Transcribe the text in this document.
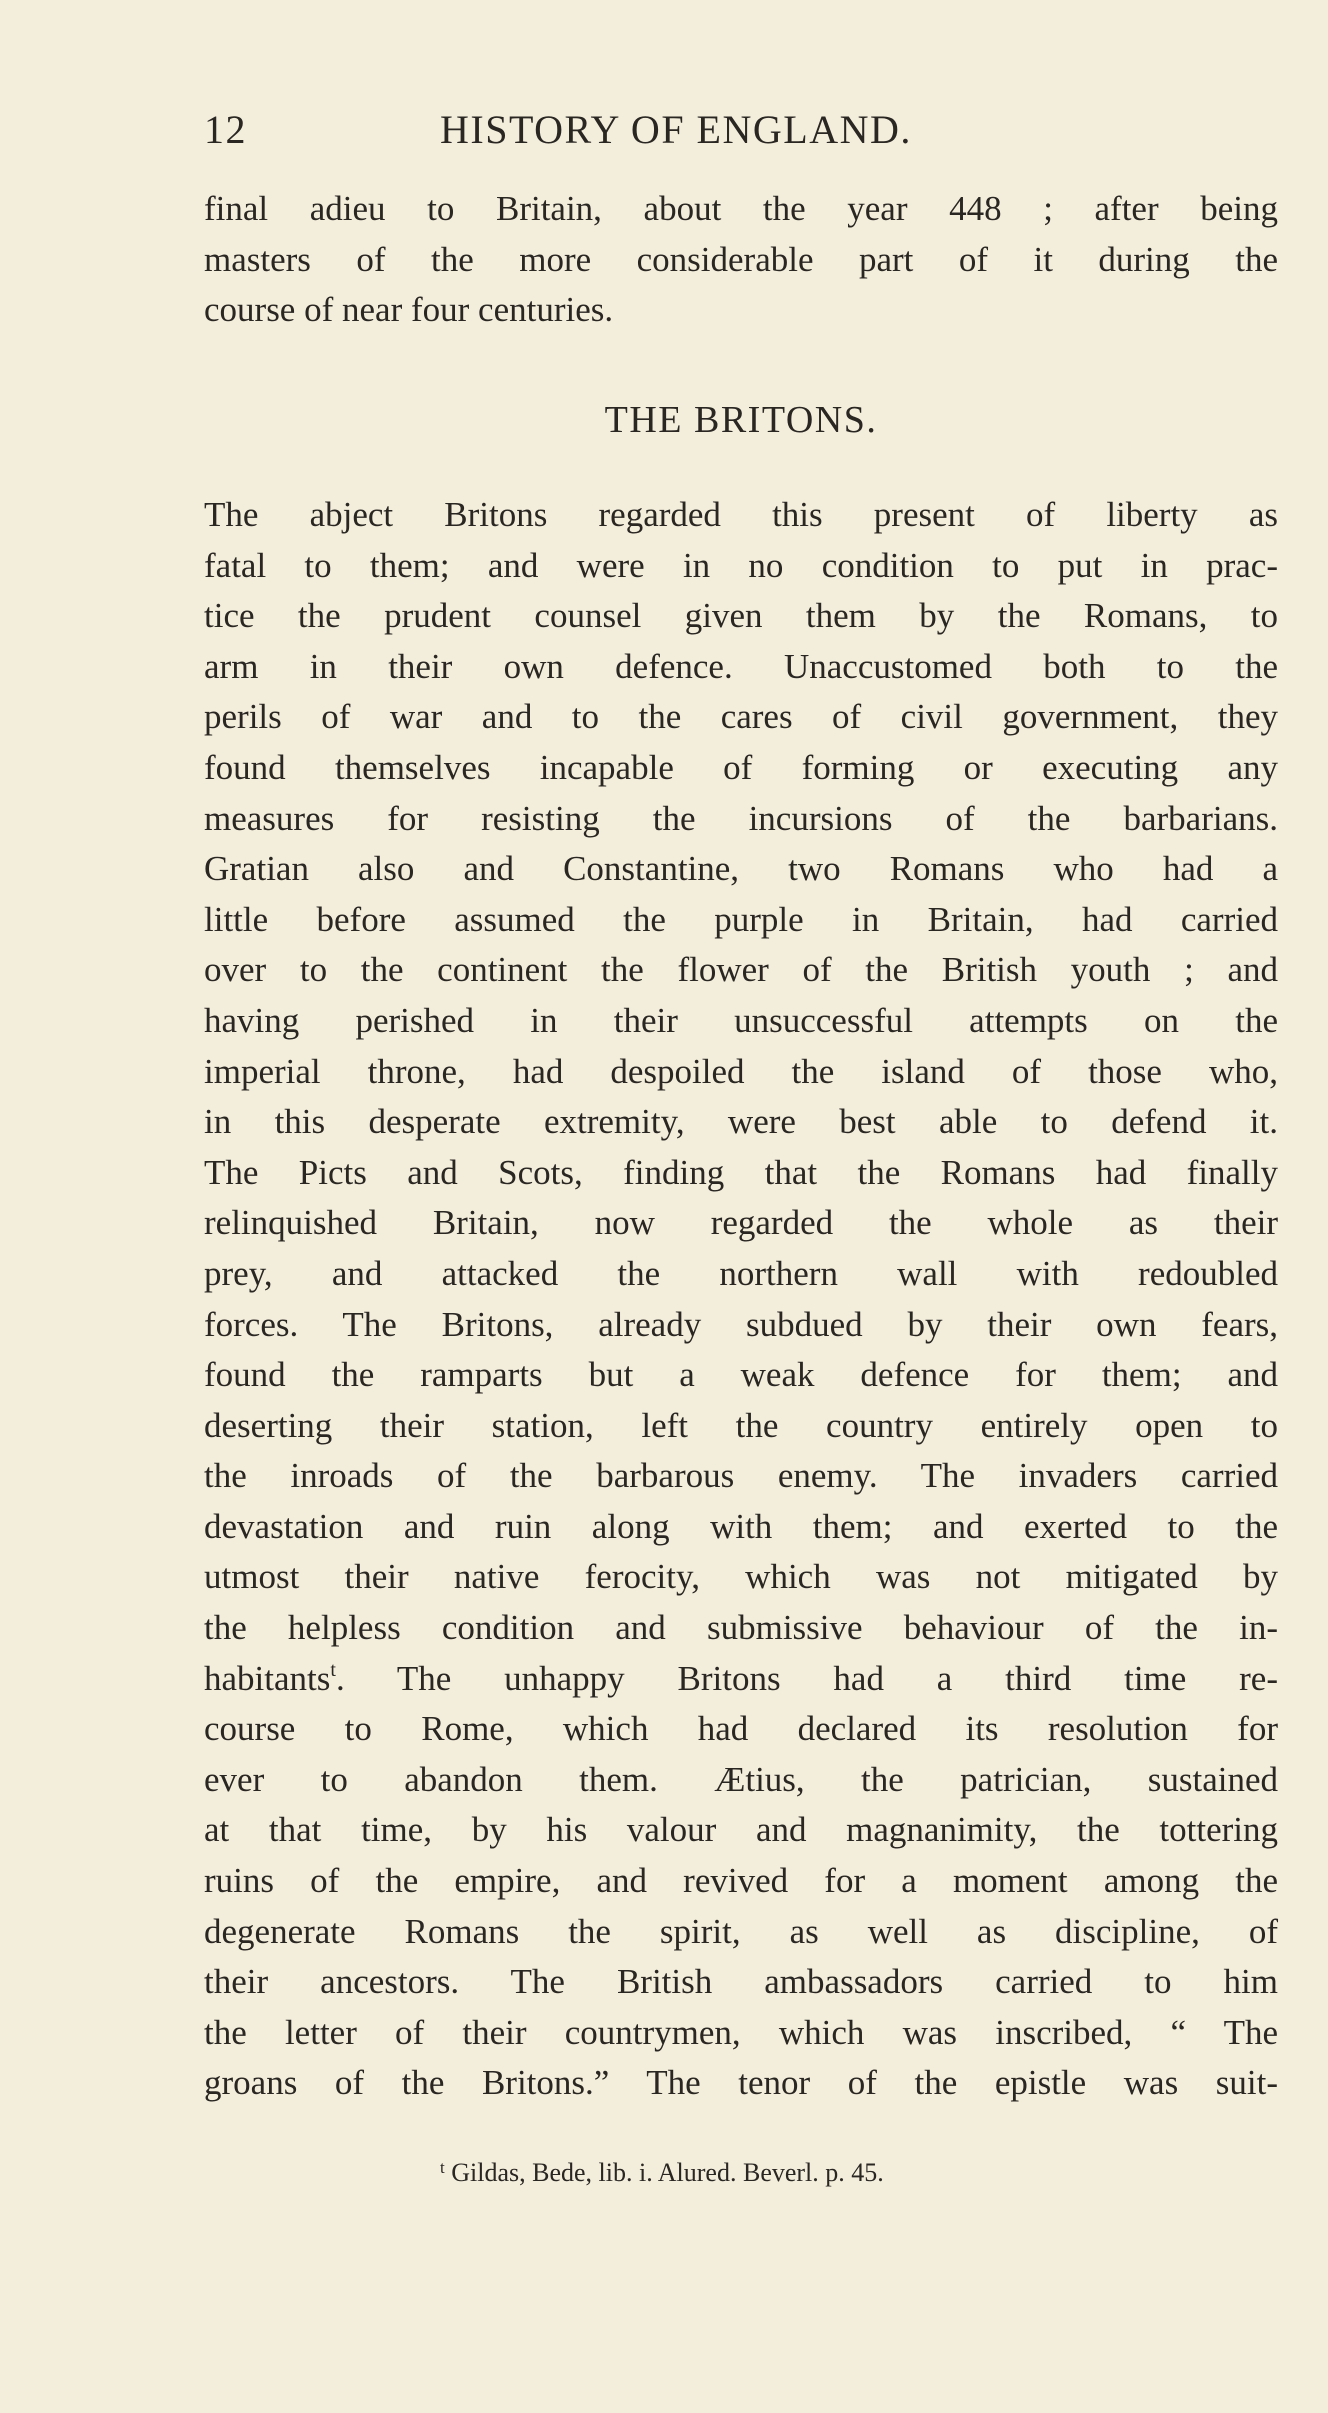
12	HISTORY OF ENGLAND.
final adieu to Britain, about the year 448 ; after being
masters of the more considerable part of it during the
course of near four centuries.
THE BRITONS.
The abject Britons regarded this present of liberty as
fatal to them; and were in no condition to put in prac-
tice the prudent counsel given them by the Romans, to
arm in their own defence. Unaccustomed both to the
perils of war and to the cares of civil government, they
found themselves incapable of forming or executing any
measures for resisting the incursions of the barbarians.
Gratian also and Constantine, two Romans who had a
little before assumed the purple in Britain, had carried
over to the continent the flower of the British youth ; and
having perished in their unsuccessful attempts on the
imperial throne, had despoiled the island of those who,
in this desperate extremity, were best able to defend it.
The Picts and Scots, finding that the Romans had finally
relinquished Britain, now regarded the whole as their
prey, and attacked the northern wall with redoubled
forces. The Britons, already subdued by their own fears,
found the ramparts but a weak defence for them; and
deserting their station, left the country entirely open to
the inroads of the barbarous enemy. The invaders carried
devastation and ruin along with them; and exerted to the
utmost their native ferocity, which was not mitigated by
the helpless condition and submissive behaviour of the in-
habitants$^t$. The unhappy Britons had a third time re-
course to Rome, which had declared its resolution for
ever to abandon them. Ætius, the patrician, sustained
at that time, by his valour and magnanimity, the tottering
ruins of the empire, and revived for a moment among the
degenerate Romans the spirit, as well as discipline, of
their ancestors. The British ambassadors carried to him
the letter of their countrymen, which was inscribed, “ The
groans of the Britons.” The tenor of the epistle was suit-
$^t$ Gildas, Bede, lib. i. Alured. Beverl. p. 45.
